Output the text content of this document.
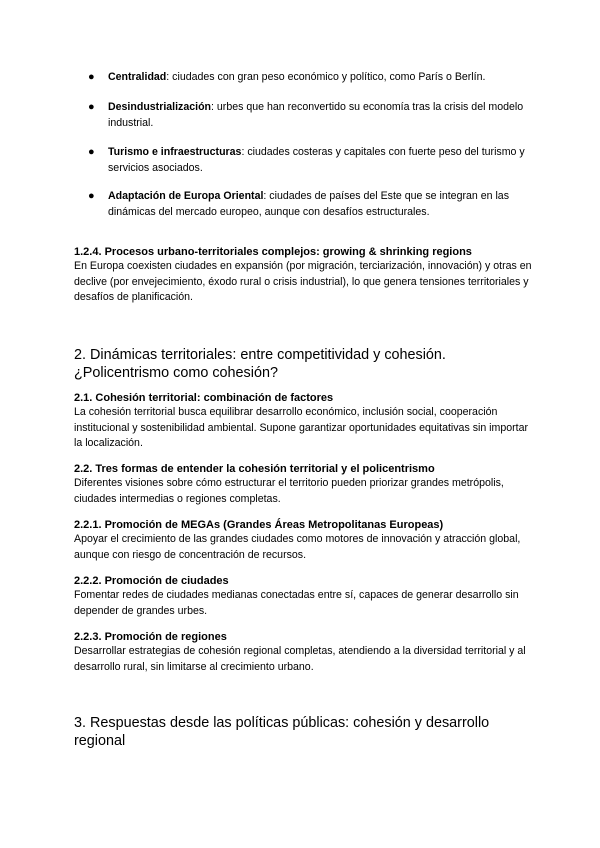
● Centralidad: ciudades con gran peso económico y político, como París o Berlín.
● Desindustrialización: urbes que han reconvertido su economía tras la crisis del modelo industrial.
● Turismo e infraestructuras: ciudades costeras y capitales con fuerte peso del turismo y servicios asociados.
● Adaptación de Europa Oriental: ciudades de países del Este que se integran en las dinámicas del mercado europeo, aunque con desafíos estructurales.
1.2.4. Procesos urbano-territoriales complejos: growing & shrinking regions
En Europa coexisten ciudades en expansión (por migración, terciarización, innovación) y otras en declive (por envejecimiento, éxodo rural o crisis industrial), lo que genera tensiones territoriales y desafíos de planificación.
2. Dinámicas territoriales: entre competitividad y cohesión.
¿Policentrismo como cohesión?
2.1. Cohesión territorial: combinación de factores
La cohesión territorial busca equilibrar desarrollo económico, inclusión social, cooperación institucional y sostenibilidad ambiental. Supone garantizar oportunidades equitativas sin importar la localización.
2.2. Tres formas de entender la cohesión territorial y el policentrismo
Diferentes visiones sobre cómo estructurar el territorio pueden priorizar grandes metrópolis, ciudades intermedias o regiones completas.
2.2.1. Promoción de MEGAs (Grandes Áreas Metropolitanas Europeas)
Apoyar el crecimiento de las grandes ciudades como motores de innovación y atracción global, aunque con riesgo de concentración de recursos.
2.2.2. Promoción de ciudades
Fomentar redes de ciudades medianas conectadas entre sí, capaces de generar desarrollo sin depender de grandes urbes.
2.2.3. Promoción de regiones
Desarrollar estrategias de cohesión regional completas, atendiendo a la diversidad territorial y al desarrollo rural, sin limitarse al crecimiento urbano.
3. Respuestas desde las políticas públicas: cohesión y desarrollo
regional
